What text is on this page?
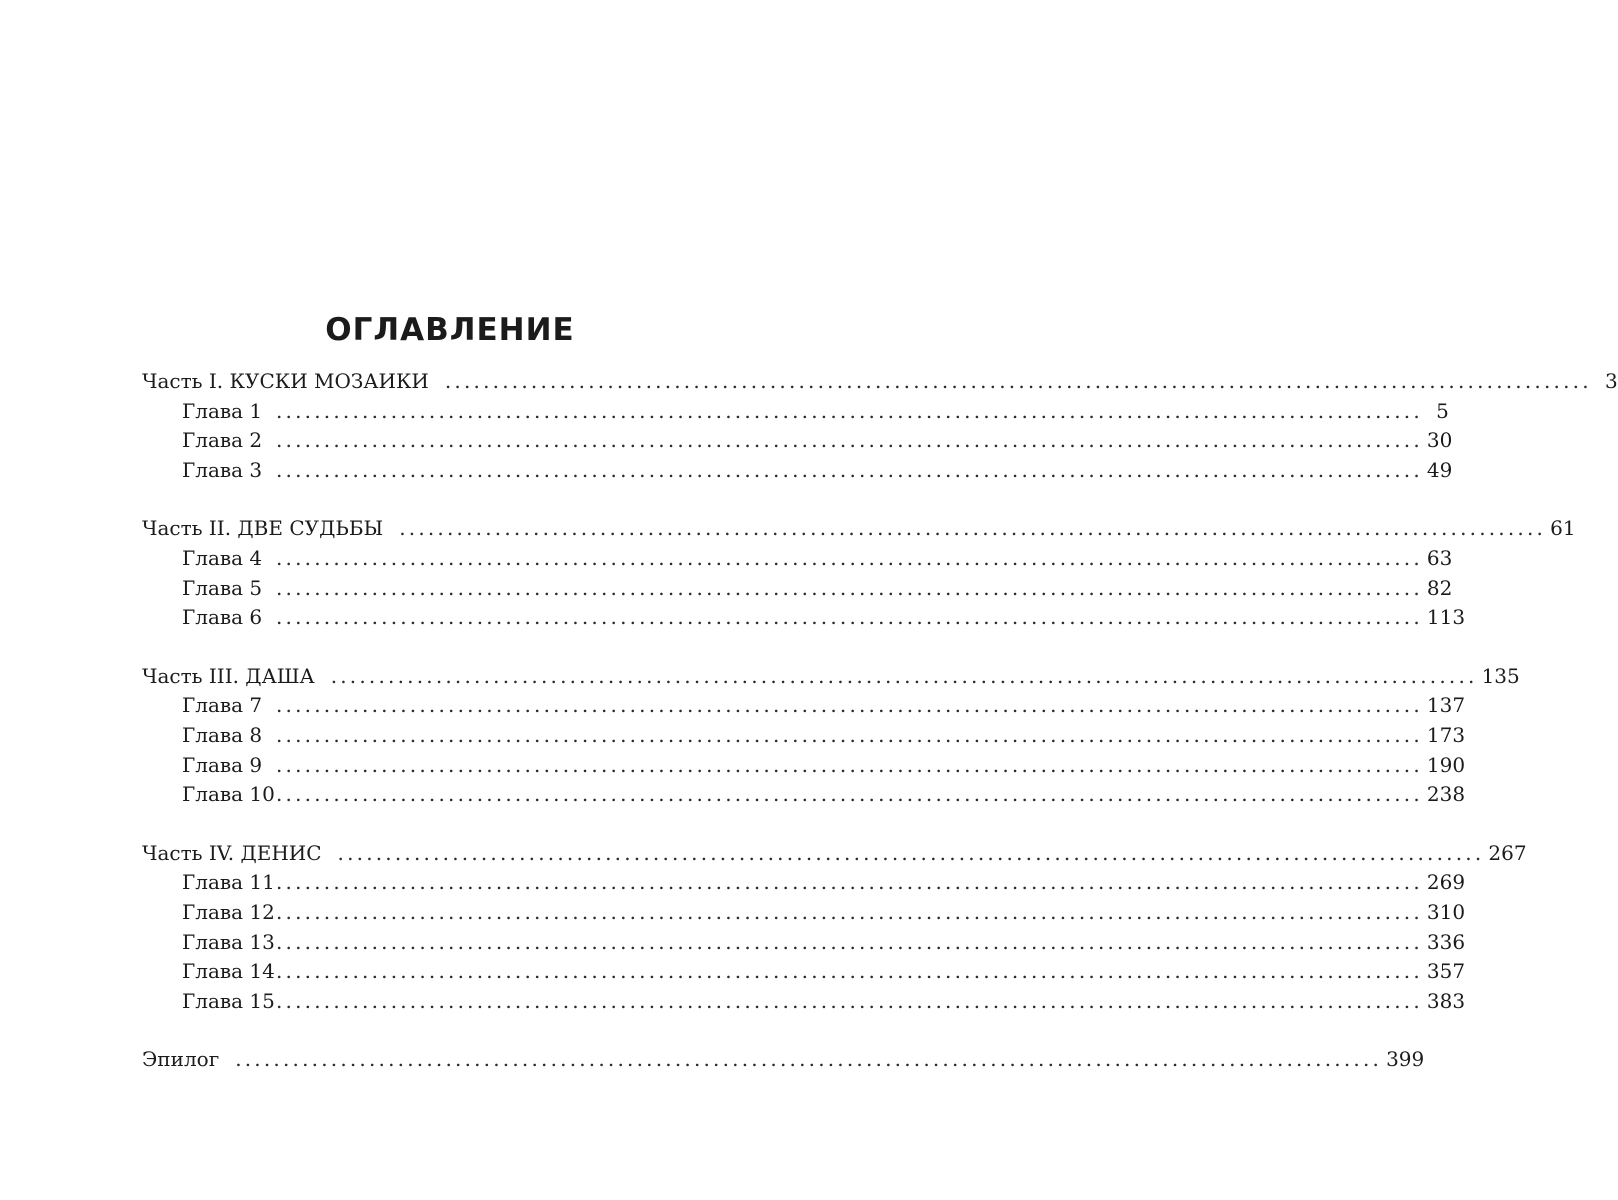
ОГЛАВЛЕНИЕ
Часть I. КУСКИ МОЗАИКИ ........................................................................................................................ 3
Глава 1 ........................................................................................................................ 5
Глава 2 ........................................................................................................................ 30
Глава 3 ........................................................................................................................ 49
Часть II. ДВЕ СУДЬБЫ ........................................................................................................................ 61
Глава 4 ........................................................................................................................ 63
Глава 5 ........................................................................................................................ 82
Глава 6 ........................................................................................................................ 113
Часть III. ДАША ........................................................................................................................ 135
Глава 7 ........................................................................................................................ 137
Глава 8 ........................................................................................................................ 173
Глава 9 ........................................................................................................................ 190
Глава 10 ........................................................................................................................ 238
Часть IV. ДЕНИС ........................................................................................................................ 267
Глава 11 ........................................................................................................................ 269
Глава 12 ........................................................................................................................ 310
Глава 13 ........................................................................................................................ 336
Глава 14 ........................................................................................................................ 357
Глава 15 ........................................................................................................................ 383
Эпилог ........................................................................................................................ 399
